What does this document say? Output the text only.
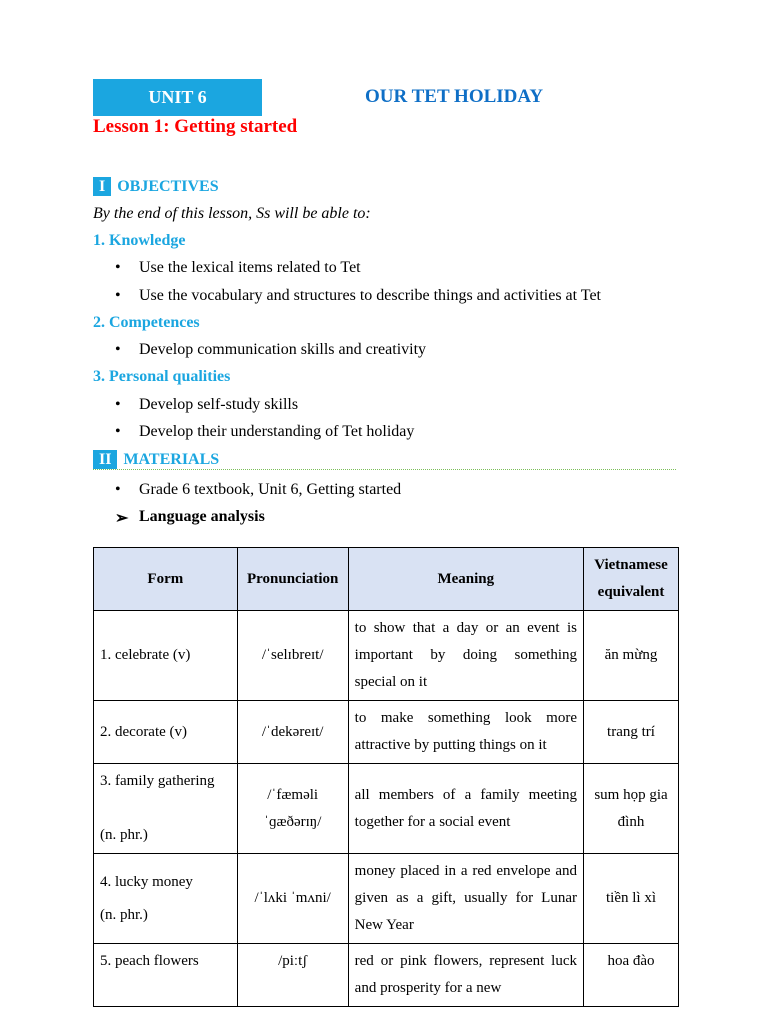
UNIT 6	OUR TET HOLIDAY
Lesson 1: Getting started
I OBJECTIVES
By the end of this lesson, Ss will be able to:
1. Knowledge
• Use the lexical items related to Tet
• Use the vocabulary and structures to describe things and activities at Tet
2. Competences
• Develop communication skills and creativity
3. Personal qualities
• Develop self-study skills
• Develop their understanding of Tet holiday
II MATERIALS
• Grade 6 textbook, Unit 6, Getting started
➢ Language analysis
Form	Pronunciation	Meaning	Vietnamese
equivalent

1. celebrate (v)	/ˈselɪbreɪt/	to show that a day or an event is important by doing something special on it	ăn mừng

2. decorate (v)	/ˈdekəreɪt/	to make something look more attractive by putting things on it	trang trí

3. family gathering
(n. phr.)	/ˈfæməli ˈɡæðərɪŋ/	all members of a family meeting together for a social event	sum họp gia đình

4. lucky money
(n. phr.)	/ˈlʌki ˈmʌni/	money placed in a red envelope and given as a gift, usually for Lunar New Year	tiền lì xì

5. peach flowers	/piːtʃ	red or pink flowers, represent luck and prosperity for a new	hoa đào
